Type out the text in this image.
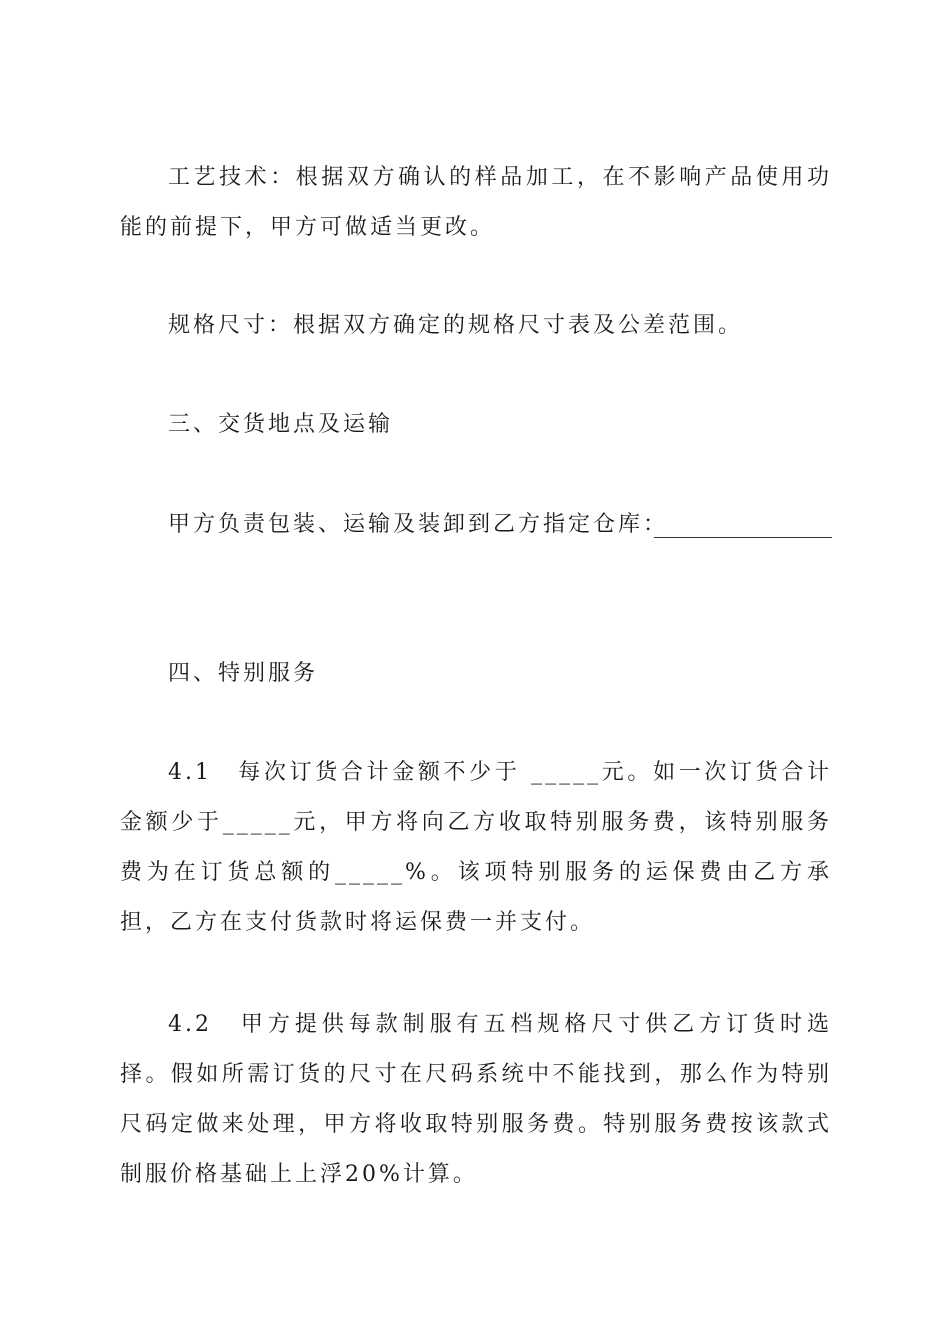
工艺技术：根据双方确认的样品加工，在不影响产品使用功能的前提下，甲方可做适当更改。

规格尺寸：根据双方确定的规格尺寸表及公差范围。

三、交货地点及运输

甲方负责包装、运输及装卸到乙方指定仓库：

四、特别服务

4.1　每次订货合计金额不少于 _____元。如一次订货合计金额少于_____元，甲方将向乙方收取特别服务费，该特别服务费为在订货总额的_____%。该项特别服务的运保费由乙方承担，乙方在支付货款时将运保费一并支付。

4.2　甲方提供每款制服有五档规格尺寸供乙方订货时选择。假如所需订货的尺寸在尺码系统中不能找到，那么作为特别尺码定做来处理，甲方将收取特别服务费。特别服务费按该款式制服价格基础上上浮20%计算。
